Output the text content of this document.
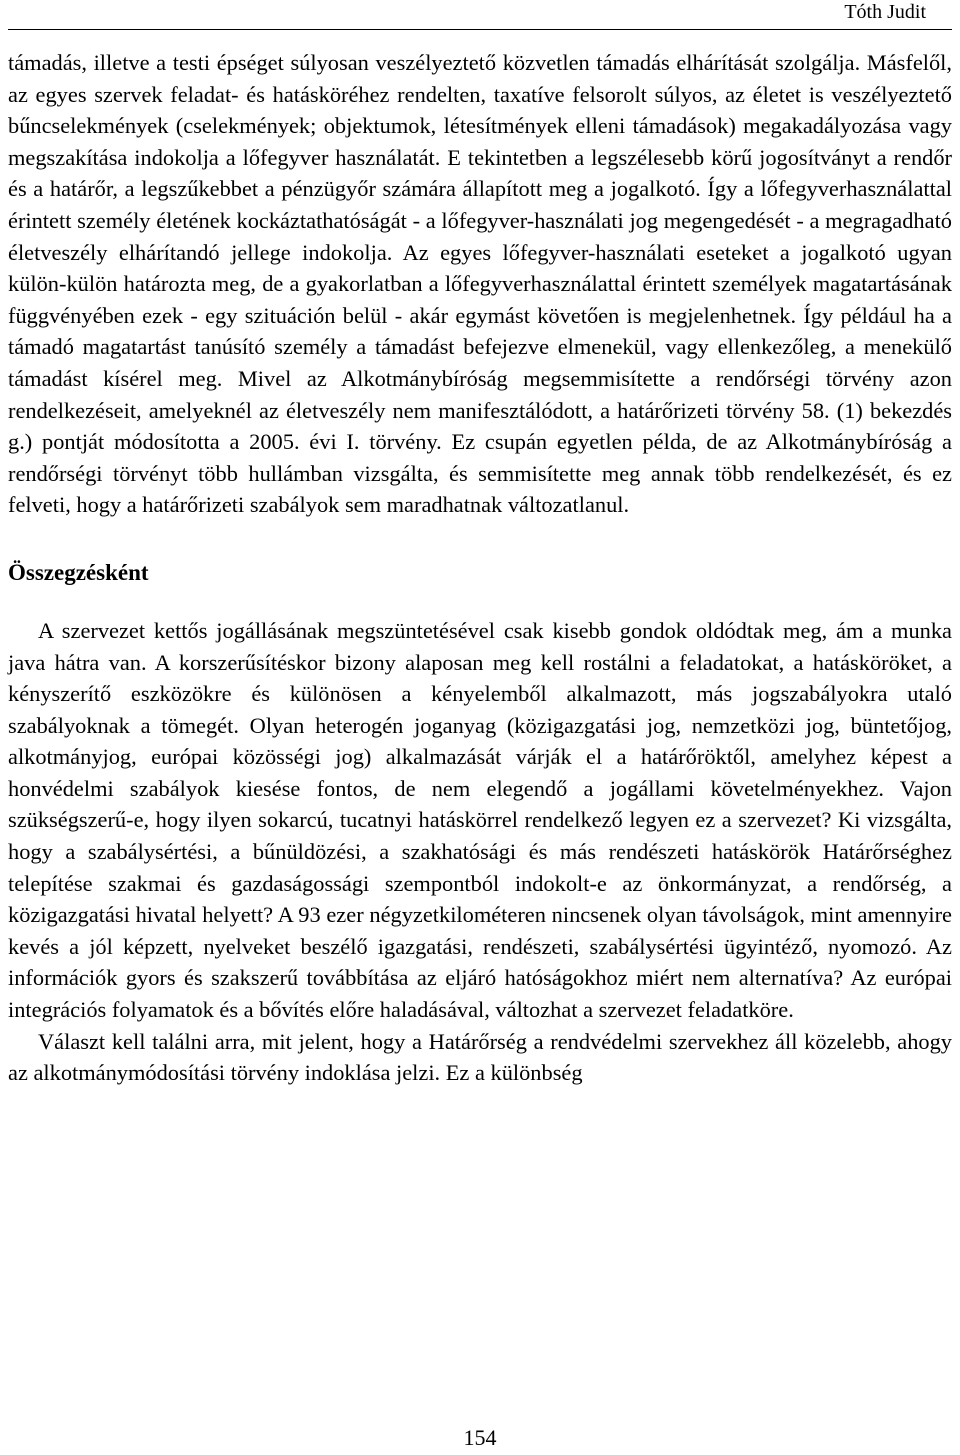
Tóth Judit

támadás, illetve a testi épséget súlyosan veszélyeztető közvetlen támadás elhárítását szolgálja. Másfelől, az egyes szervek feladat- és hatásköréhez rendelten, taxatíve felsorolt súlyos, az életet is veszélyeztető bűncselekmények (cselekmények; objektumok, létesítmények elleni támadások) megakadályozása vagy megszakítása indokolja a lőfegyver használatát. E tekintetben a legszélesebb körű jogosítványt a rendőr és a határőr, a legszűkebbet a pénzügyőr számára állapított meg a jogalkotó. Így a lőfegyverhasználattal érintett személy életének kockáztathatóságát - a lőfegyver-használati jog megengedését - a megragadható életveszély elhárítandó jellege indokolja. Az egyes lőfegyver-használati eseteket a jogalkotó ugyan külön-külön határozta meg, de a gyakorlatban a lőfegyverhasználattal érintett személyek magatartásának függvényében ezek - egy szituáción belül - akár egymást követően is megjelenhetnek. Így például ha a támadó magatartást tanúsító személy a támadást befejezve elmenekül, vagy ellenkezőleg, a menekülő támadást kísérel meg. Mivel az Alkotmánybíróság megsemmisítette a rendőrségi törvény azon rendelkezéseit, amelyeknél az életveszély nem manifesztálódott, a határőrizeti törvény 58. (1) bekezdés g.) pontját módosította a 2005. évi I. törvény. Ez csupán egyetlen példa, de az Alkotmánybíróság a rendőrségi törvényt több hullámban vizsgálta, és semmisítette meg annak több rendelkezését, és ez felveti, hogy a határőrizeti szabályok sem maradhatnak változatlanul.

Összegzésként

A szervezet kettős jogállásának megszüntetésével csak kisebb gondok oldódtak meg, ám a munka java hátra van. A korszerűsítéskor bizony alaposan meg kell rostálni a feladatokat, a hatásköröket, a kényszerítő eszközökre és különösen a kényelemből alkalmazott, más jogszabályokra utaló szabályoknak a tömegét. Olyan heterogén joganyag (közigazgatási jog, nemzetközi jog, büntetőjog, alkotmányjog, európai közösségi jog) alkalmazását várják el a határőröktől, amelyhez képest a honvédelmi szabályok kiesése fontos, de nem elegendő a jogállami követelményekhez. Vajon szükségszerű-e, hogy ilyen sokarcú, tucatnyi hatáskörrel rendelkező legyen ez a szervezet? Ki vizsgálta, hogy a szabálysértési, a bűnüldözési, a szakhatósági és más rendészeti hatáskörök Határőrséghez telepítése szakmai és gazdaságossági szempontból indokolt-e az önkormányzat, a rendőrség, a közigazgatási hivatal helyett? A 93 ezer négyzetkilométeren nincsenek olyan távolságok, mint amennyire kevés a jól képzett, nyelveket beszélő igazgatási, rendészeti, szabálysértési ügyintéző, nyomozó. Az információk gyors és szakszerű továbbítása az eljáró hatóságokhoz miért nem alternatíva? Az európai integrációs folyamatok és a bővítés előre haladásával, változhat a szervezet feladatköre.

Választ kell találni arra, mit jelent, hogy a Határőrség a rendvédelmi szervekhez áll közelebb, ahogy az alkotmánymódosítási törvény indoklása jelzi. Ez a különbség

154
